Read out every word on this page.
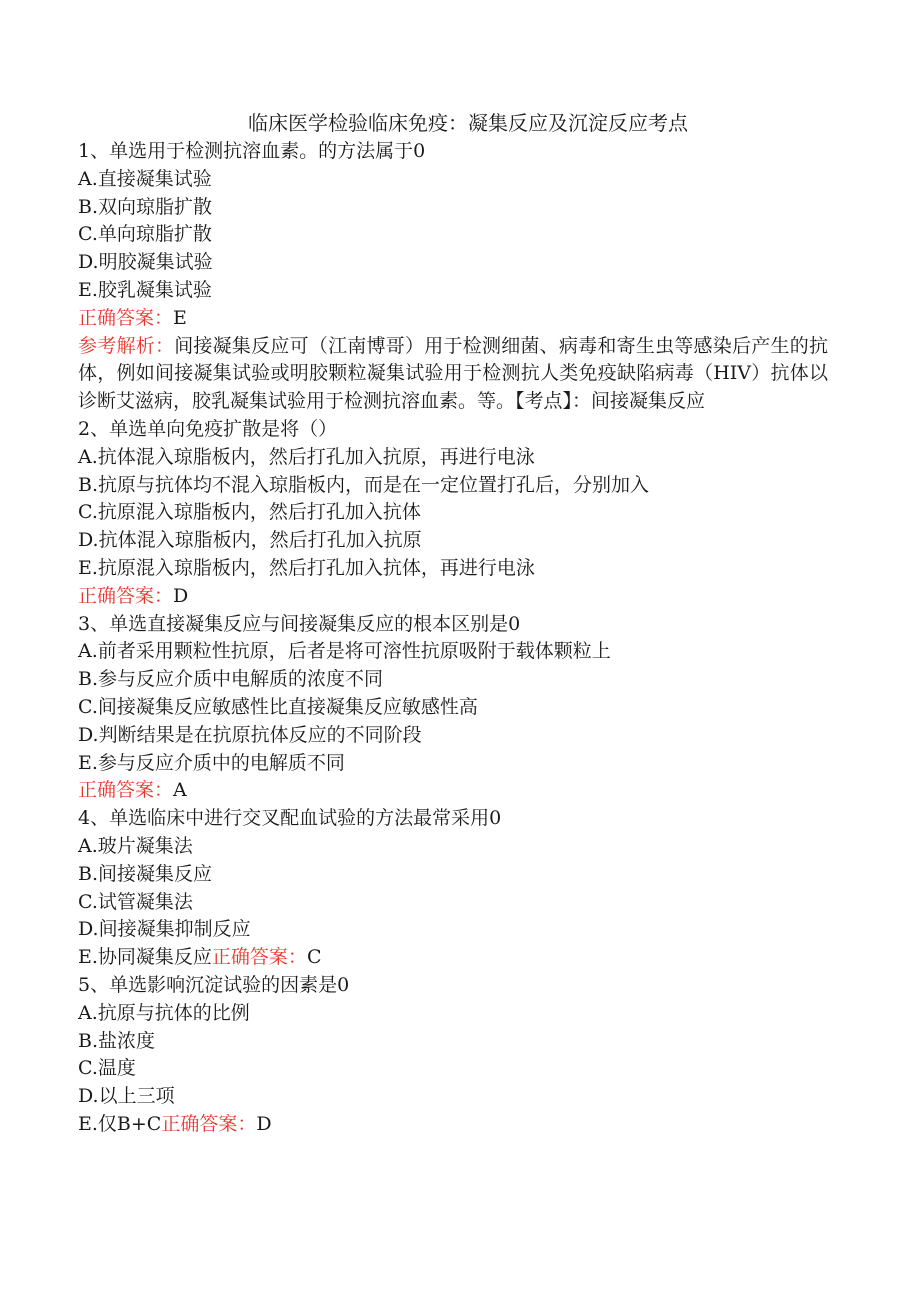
临床医学检验临床免疫：凝集反应及沉淀反应考点

1、单选用于检测抗溶血素。的方法属于0

A.直接凝集试验

B.双向琼脂扩散

C.单向琼脂扩散

D.明胶凝集试验

E.胶乳凝集试验

正确答案：E

参考解析：间接凝集反应可（江南博哥）用于检测细菌、病毒和寄生虫等感染后产生的抗体，例如间接凝集试验或明胶颗粒凝集试验用于检测抗人类免疫缺陷病毒（HIV）抗体以诊断艾滋病，胶乳凝集试验用于检测抗溶血素。等。【考点】：间接凝集反应

2、单选单向免疫扩散是将（）

A.抗体混入琼脂板内，然后打孔加入抗原，再进行电泳

B.抗原与抗体均不混入琼脂板内，而是在一定位置打孔后，分别加入

C.抗原混入琼脂板内，然后打孔加入抗体

D.抗体混入琼脂板内，然后打孔加入抗原

E.抗原混入琼脂板内，然后打孔加入抗体，再进行电泳

正确答案：D

3、单选直接凝集反应与间接凝集反应的根本区别是0

A.前者采用颗粒性抗原，后者是将可溶性抗原吸附于载体颗粒上

B.参与反应介质中电解质的浓度不同

C.间接凝集反应敏感性比直接凝集反应敏感性高

D.判断结果是在抗原抗体反应的不同阶段

E.参与反应介质中的电解质不同

正确答案：A

4、单选临床中进行交叉配血试验的方法最常采用0

A.玻片凝集法

B.间接凝集反应

C.试管凝集法

D.间接凝集抑制反应

E.协同凝集反应正确答案：C

5、单选影响沉淀试验的因素是0

A.抗原与抗体的比例

B.盐浓度

C.温度

D.以上三项

E.仅B+C正确答案：D
